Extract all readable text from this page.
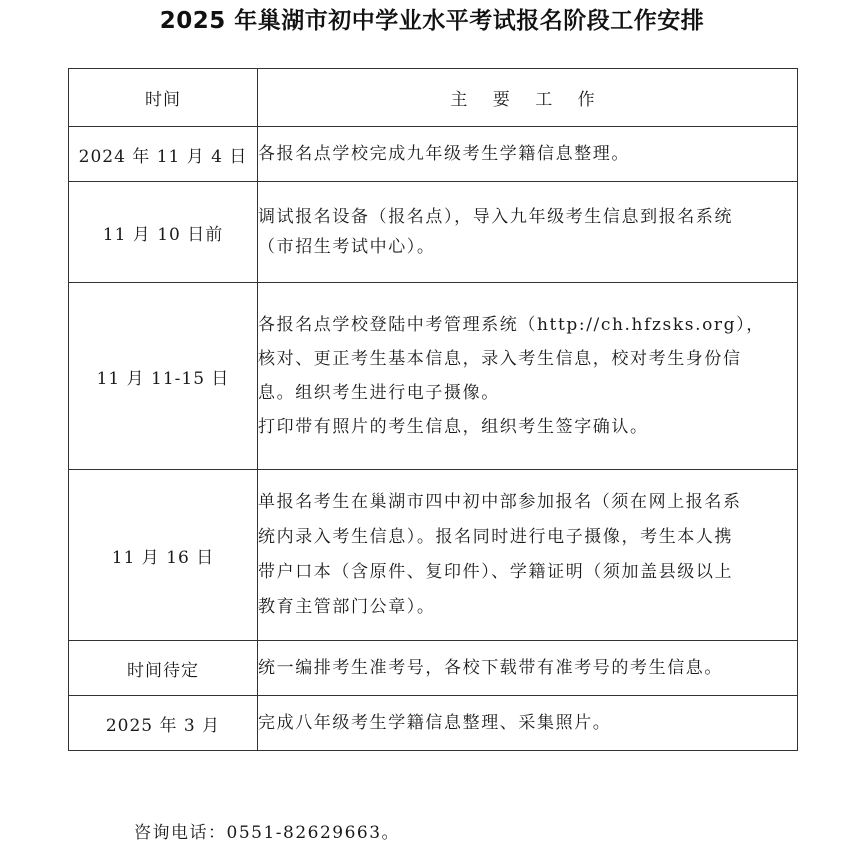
2025 年巢湖市初中学业水平考试报名阶段工作安排
时间	主 要 工 作
2024 年 11 月 4 日	各报名点学校完成九年级考生学籍信息整理。

11 月 10 日前	调试报名设备（报名点），导入九年级考生信息到报名系统
（市招生考试中心）。

11 月 11-15 日	各报名点学校登陆中考管理系统（http://ch.hfzsks.org），
核对、更正考生基本信息，录入考生信息，校对考生身份信
息。组织考生进行电子摄像。
打印带有照片的考生信息，组织考生签字确认。

11 月 16 日	单报名考生在巢湖市四中初中部参加报名（须在网上报名系
统内录入考生信息）。报名同时进行电子摄像，考生本人携
带户口本（含原件、复印件）、学籍证明（须加盖县级以上
教育主管部门公章）。

时间待定	统一编排考生准考号，各校下载带有准考号的考生信息。

2025 年 3 月	完成八年级考生学籍信息整理、采集照片。
咨询电话：0551-82629663。
